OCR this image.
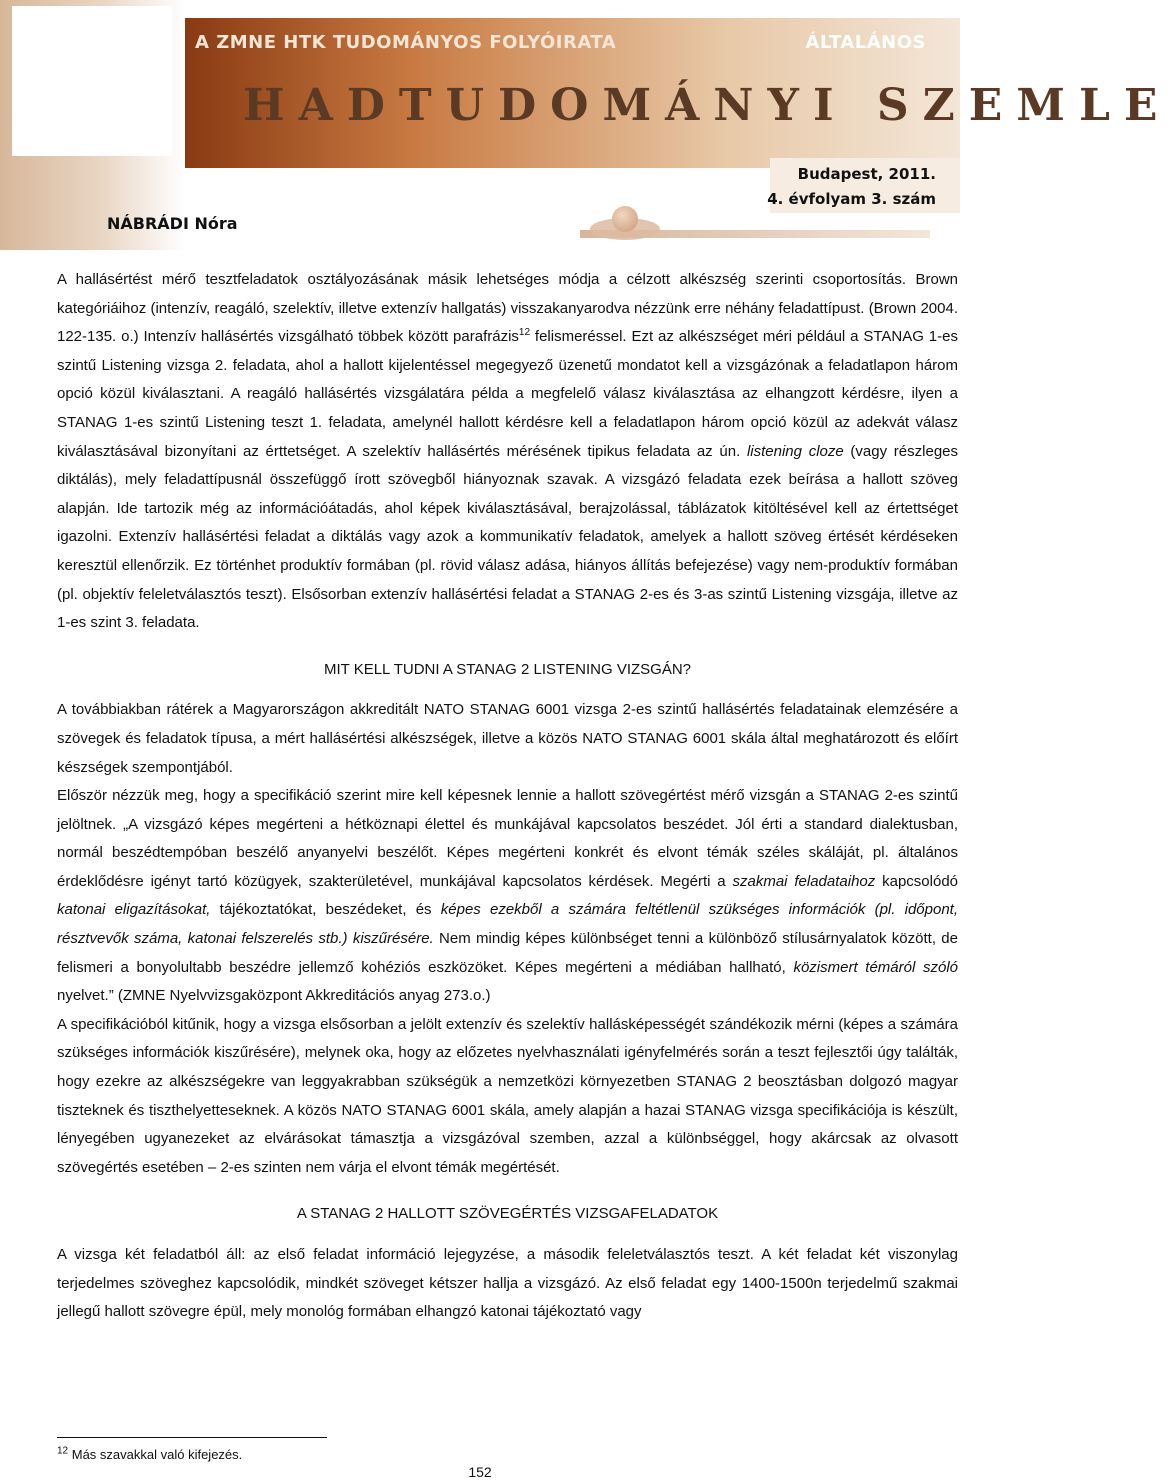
A ZMNE HTK TUDOMÁNYOS FOLYÓIRATA	ÁLTALÁNOS
HADTUDOMÁNYI SZEMLE
Budapest, 2011.
4. évfolyam 3. szám
NÁBRÁDI Nóra

A hallásértést mérő tesztfeladatok osztályozásának másik lehetséges módja a célzott alkészség szerinti csoportosítás. Brown kategóriáihoz (intenzív, reagáló, szelektív, illetve extenzív hallgatás) visszakanyarodva nézzünk erre néhány feladattípust. (Brown 2004. 122-135. o.) Intenzív hallásértés vizsgálható többek között parafrázis$^{12}$ felismeréssel. Ezt az alkészséget méri például a STANAG 1-es szintű Listening vizsga 2. feladata, ahol a hallott kijelentéssel megegyező üzenetű mondatot kell a vizsgázónak a feladatlapon három opció közül kiválasztani. A reagáló hallásértés vizsgálatára példa a megfelelő válasz kiválasztása az elhangzott kérdésre, ilyen a STANAG 1-es szintű Listening teszt 1. feladata, amelynél hallott kérdésre kell a feladatlapon három opció közül az adekvát válasz kiválasztásával bizonyítani az érttetséget. A szelektív hallásértés mérésének tipikus feladata az ún. listening cloze (vagy részleges diktálás), mely feladattípusnál összefüggő írott szövegből hiányoznak szavak. A vizsgázó feladata ezek beírása a hallott szöveg alapján. Ide tartozik még az információátadás, ahol képek kiválasztásával, berajzolással, táblázatok kitöltésével kell az értettséget igazolni. Extenzív hallásértési feladat a diktálás vagy azok a kommunikatív feladatok, amelyek a hallott szöveg értését kérdéseken keresztül ellenőrzik. Ez történhet produktív formában (pl. rövid válasz adása, hiányos állítás befejezése) vagy nem-produktív formában (pl. objektív feleletválasztós teszt). Elsősorban extenzív hallásértési feladat a STANAG 2-es és 3-as szintű Listening vizsgája, illetve az 1-es szint 3. feladata.

MIT KELL TUDNI A STANAG 2 LISTENING VIZSGÁN?

A továbbiakban rátérek a Magyarországon akkreditált NATO STANAG 6001 vizsga 2-es szintű hallásértés feladatainak elemzésére a szövegek és feladatok típusa, a mért hallásértési alkészségek, illetve a közös NATO STANAG 6001 skála által meghatározott és előírt készségek szempontjából.

Először nézzük meg, hogy a specifikáció szerint mire kell képesnek lennie a hallott szövegértést mérő vizsgán a STANAG 2-es szintű jelöltnek. „A vizsgázó képes megérteni a hétköznapi élettel és munkájával kapcsolatos beszédet. Jól érti a standard dialektusban, normál beszédtempóban beszélő anyanyelvi beszélőt. Képes megérteni konkrét és elvont témák széles skáláját, pl. általános érdeklődésre igényt tartó közügyek, szakterületével, munkájával kapcsolatos kérdések. Megérti a szakmai feladataihoz kapcsolódó katonai eligazításokat, tájékoztatókat, beszédeket, és képes ezekből a számára feltétlenül szükséges információk (pl. időpont, résztvevők száma, katonai felszerelés stb.) kiszűrésére. Nem mindig képes különbséget tenni a különböző stílusárnyalatok között, de felismeri a bonyolultabb beszédre jellemző kohéziós eszközöket. Képes megérteni a médiában hallható, közismert témáról szóló nyelvet.” (ZMNE Nyelvvizsgaközpont Akkreditációs anyag 273.o.)

A specifikációból kitűnik, hogy a vizsga elsősorban a jelölt extenzív és szelektív hallásképességét szándékozik mérni (képes a számára szükséges információk kiszűrésére), melynek oka, hogy az előzetes nyelvhasználati igényfelmérés során a teszt fejlesztői úgy találták, hogy ezekre az alkészségekre van leggyakrabban szükségük a nemzetközi környezetben STANAG 2 beosztásban dolgozó magyar tiszteknek és tiszthelyetteseknek. A közös NATO STANAG 6001 skála, amely alapján a hazai STANAG vizsga specifikációja is készült, lényegében ugyanezeket az elvárásokat támasztja a vizsgázóval szemben, azzal a különbséggel, hogy akárcsak az olvasott szövegértés esetében – 2-es szinten nem várja el elvont témák megértését.

A STANAG 2 HALLOTT SZÖVEGÉRTÉS VIZSGAFELADATOK

A vizsga két feladatból áll: az első feladat információ lejegyzése, a második feleletválasztós teszt. A két feladat két viszonylag terjedelmes szöveghez kapcsolódik, mindkét szöveget kétszer hallja a vizsgázó. Az első feladat egy 1400-1500n terjedelmű szakmai jellegű hallott szövegre épül, mely monológ formában elhangzó katonai tájékoztató vagy

$^{12}$ Más szavakkal való kifejezés.
152
